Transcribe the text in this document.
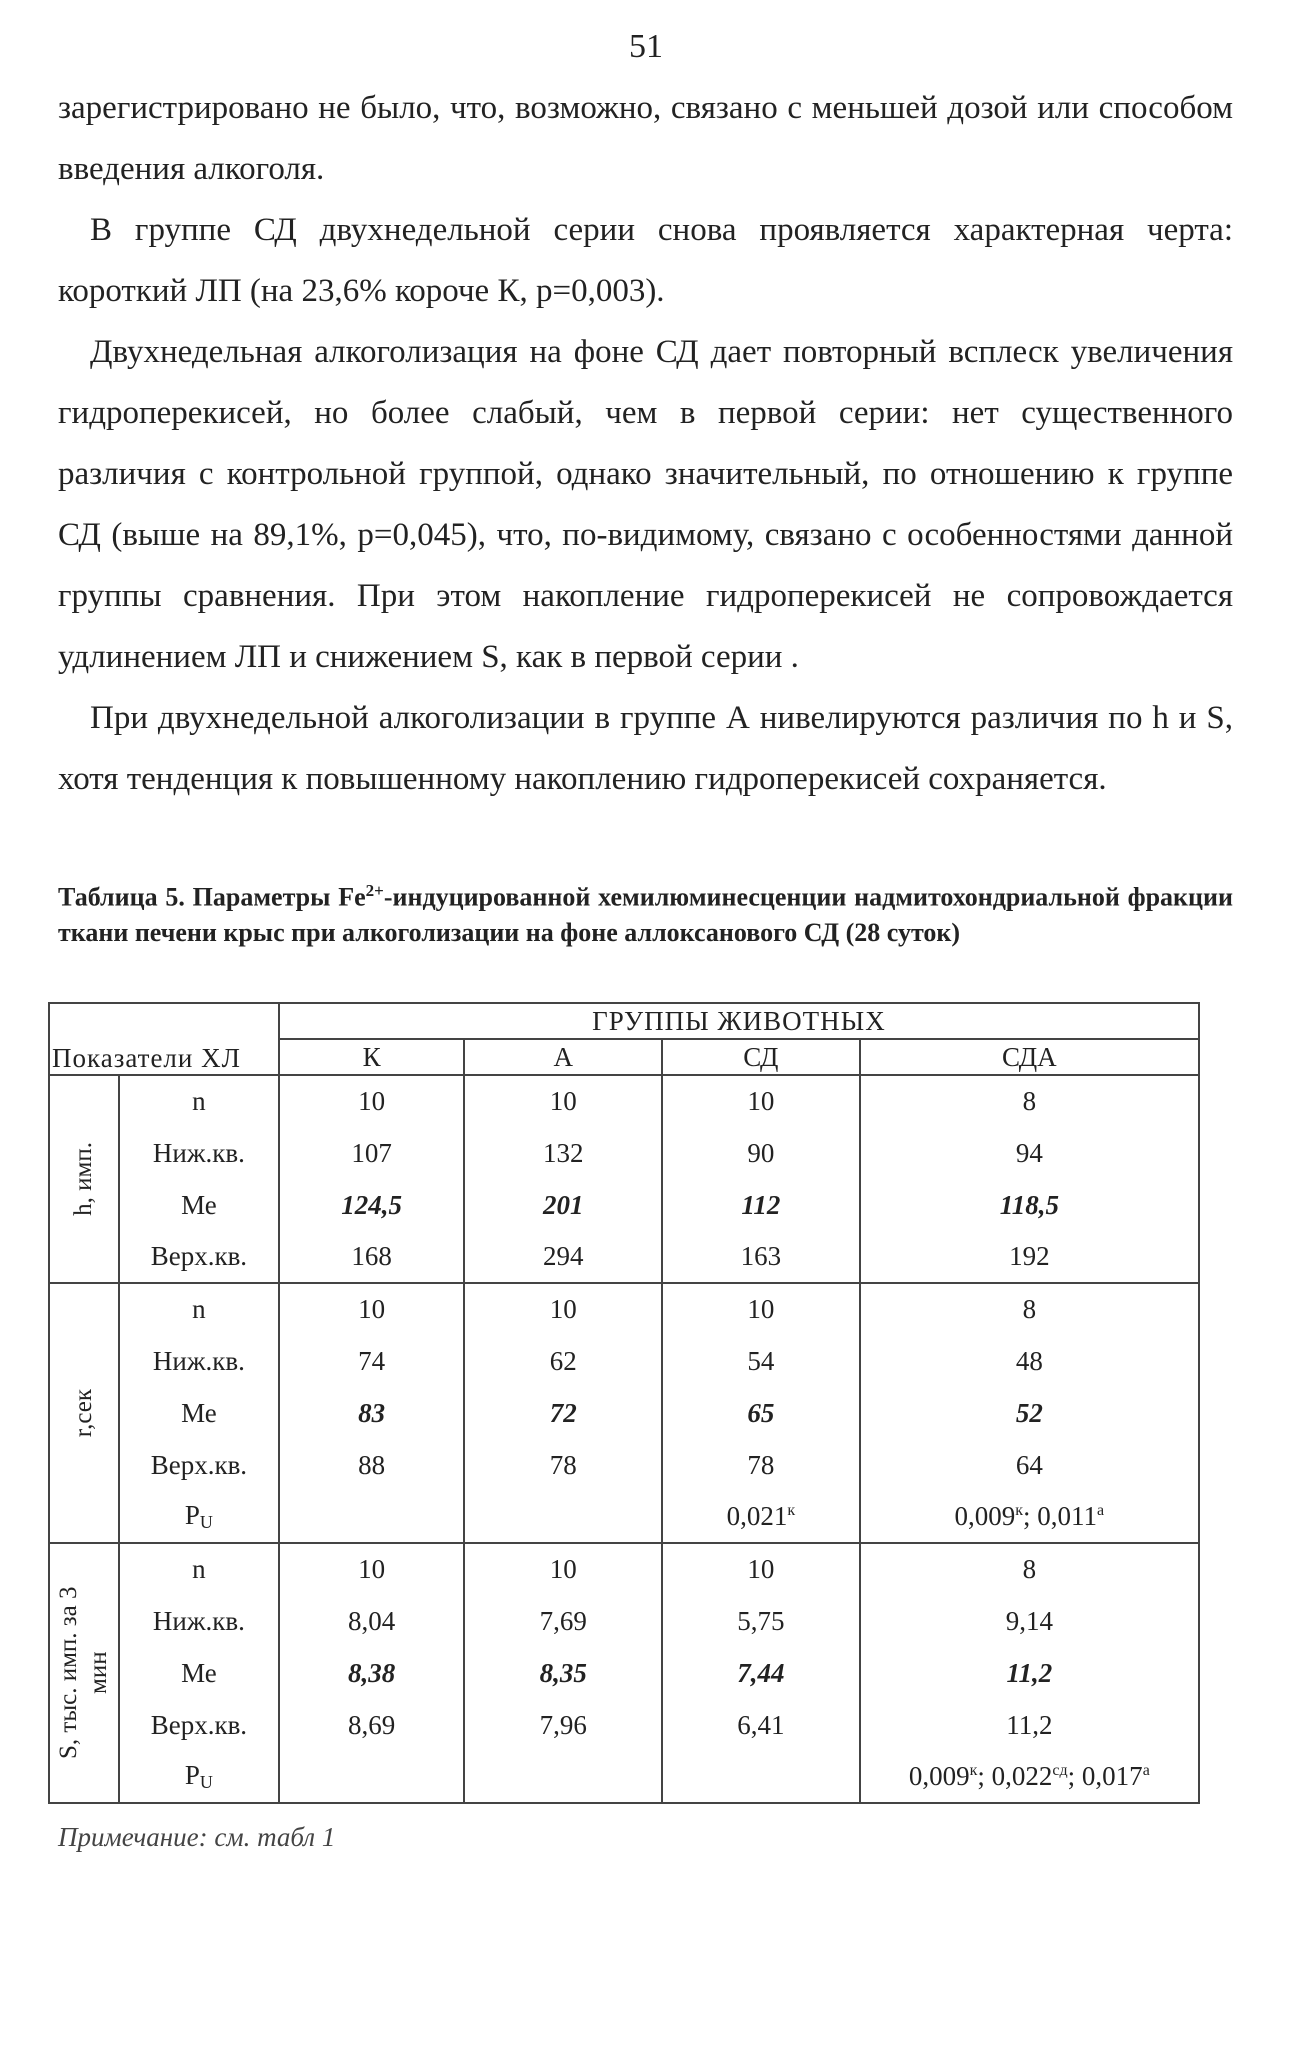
51

зарегистрировано не было, что, возможно, связано с меньшей дозой или способом введения алкоголя.

В группе СД двухнедельной серии снова проявляется характерная черта: короткий ЛП (на 23,6% короче К, р=0,003).

Двухнедельная алкоголизация на фоне СД дает повторный всплеск увеличения гидроперекисей, но более слабый, чем в первой серии: нет существенного различия с контрольной группой, однако значительный, по отношению к группе СД (выше на 89,1%, р=0,045), что, по-видимому, связано с особенностями данной группы сравнения. При этом накопление гидроперекисей не сопровождается удлинением ЛП и снижением S, как в первой серии .

При двухнедельной алкоголизации в группе А нивелируются различия по h и S, хотя тенденция к повышенному накоплению гидроперекисей сохраняется.

Таблица 5. Параметры $Fe^{2+}$-индуцированной хемилюминесценции надмитохондриальной фракции ткани печени крыс при алкоголизации на фоне аллоксанового СД (28 суток)
Показатели ХЛ		ГРУППЫ ЖИВОТНЫХ			
		К	А	СД	СДА

h, имп.	n	10	10	10	8
	Ниж.кв.	107	132	90	94
	Ме	124,5	201	112	118,5
	Верх.кв.	168	294	163	192

r,сек	n	10	10	10	8
	Ниж.кв.	74	62	54	48
	Ме	83	72	65	52
	Верх.кв.	88	78	78	64
	$P_U$			$0,021^к$	$0,009^к$; $0,011^а$

S, тыс. имп. за 3 мин	n	10	10	10	8
	Ниж.кв.	8,04	7,69	5,75	9,14
	Ме	8,38	8,35	7,44	11,2
	Верх.кв.	8,69	7,96	6,41	11,2
	$P_U$				$0,009^к$; $0,022^{сд}$; $0,017^а$
Примечание: см. табл 1
